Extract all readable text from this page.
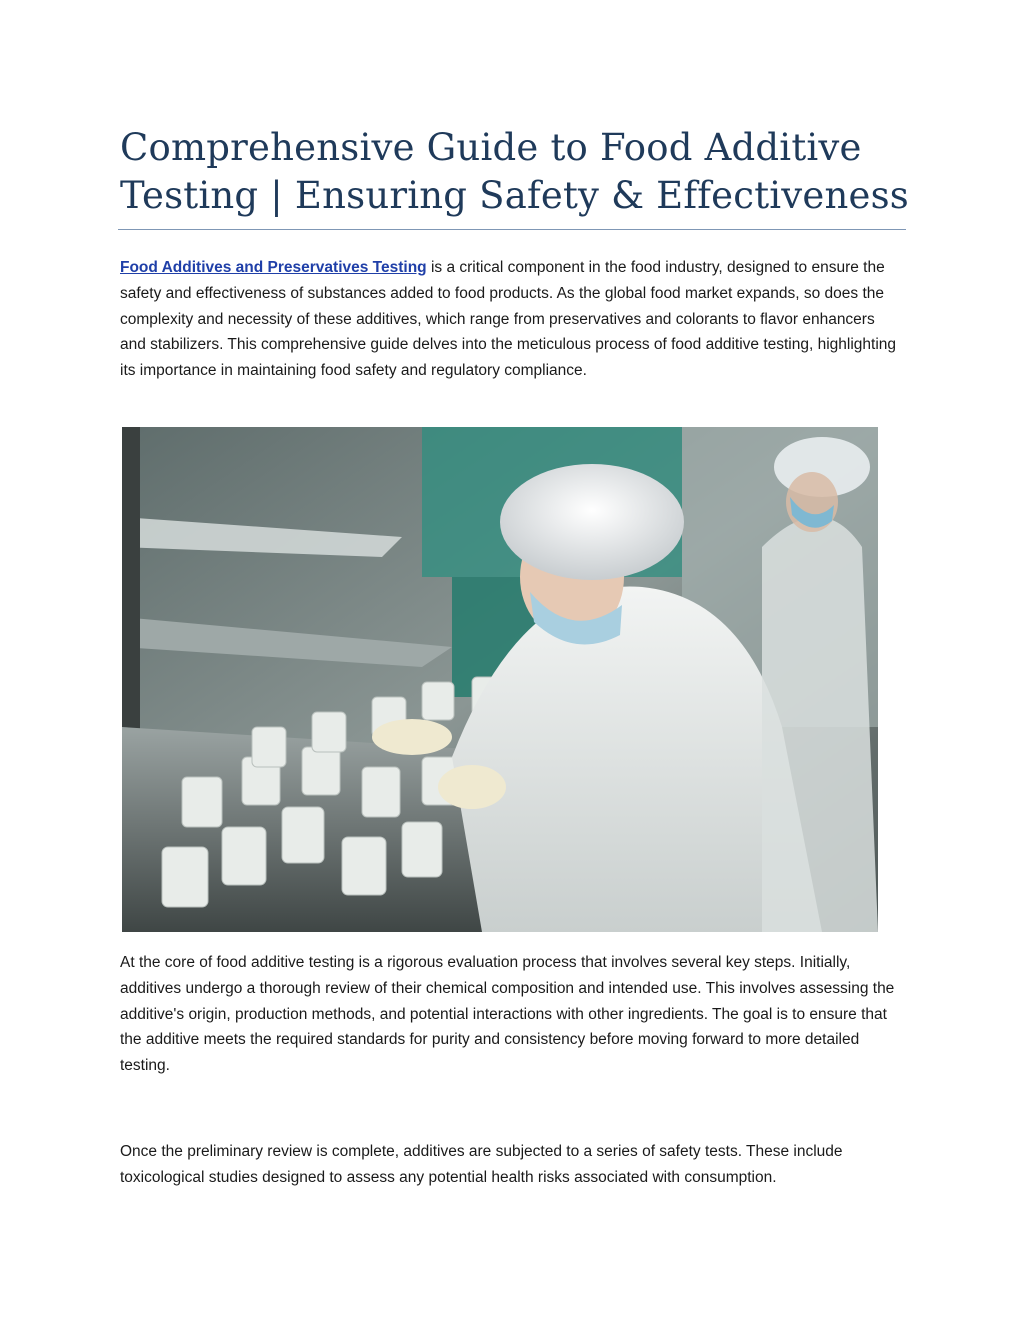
Comprehensive Guide to Food Additive Testing | Ensuring Safety & Effectiveness

Food Additives and Preservatives Testing is a critical component in the food industry, designed to ensure the safety and effectiveness of substances added to food products. As the global food market expands, so does the complexity and necessity of these additives, which range from preservatives and colorants to flavor enhancers and stabilizers. This comprehensive guide delves into the meticulous process of food additive testing, highlighting its importance in maintaining food safety and regulatory compliance.

At the core of food additive testing is a rigorous evaluation process that involves several key steps. Initially, additives undergo a thorough review of their chemical composition and intended use. This involves assessing the additive's origin, production methods, and potential interactions with other ingredients. The goal is to ensure that the additive meets the required standards for purity and consistency before moving forward to more detailed testing.

Once the preliminary review is complete, additives are subjected to a series of safety tests. These include toxicological studies designed to assess any potential health risks associated with consumption.
